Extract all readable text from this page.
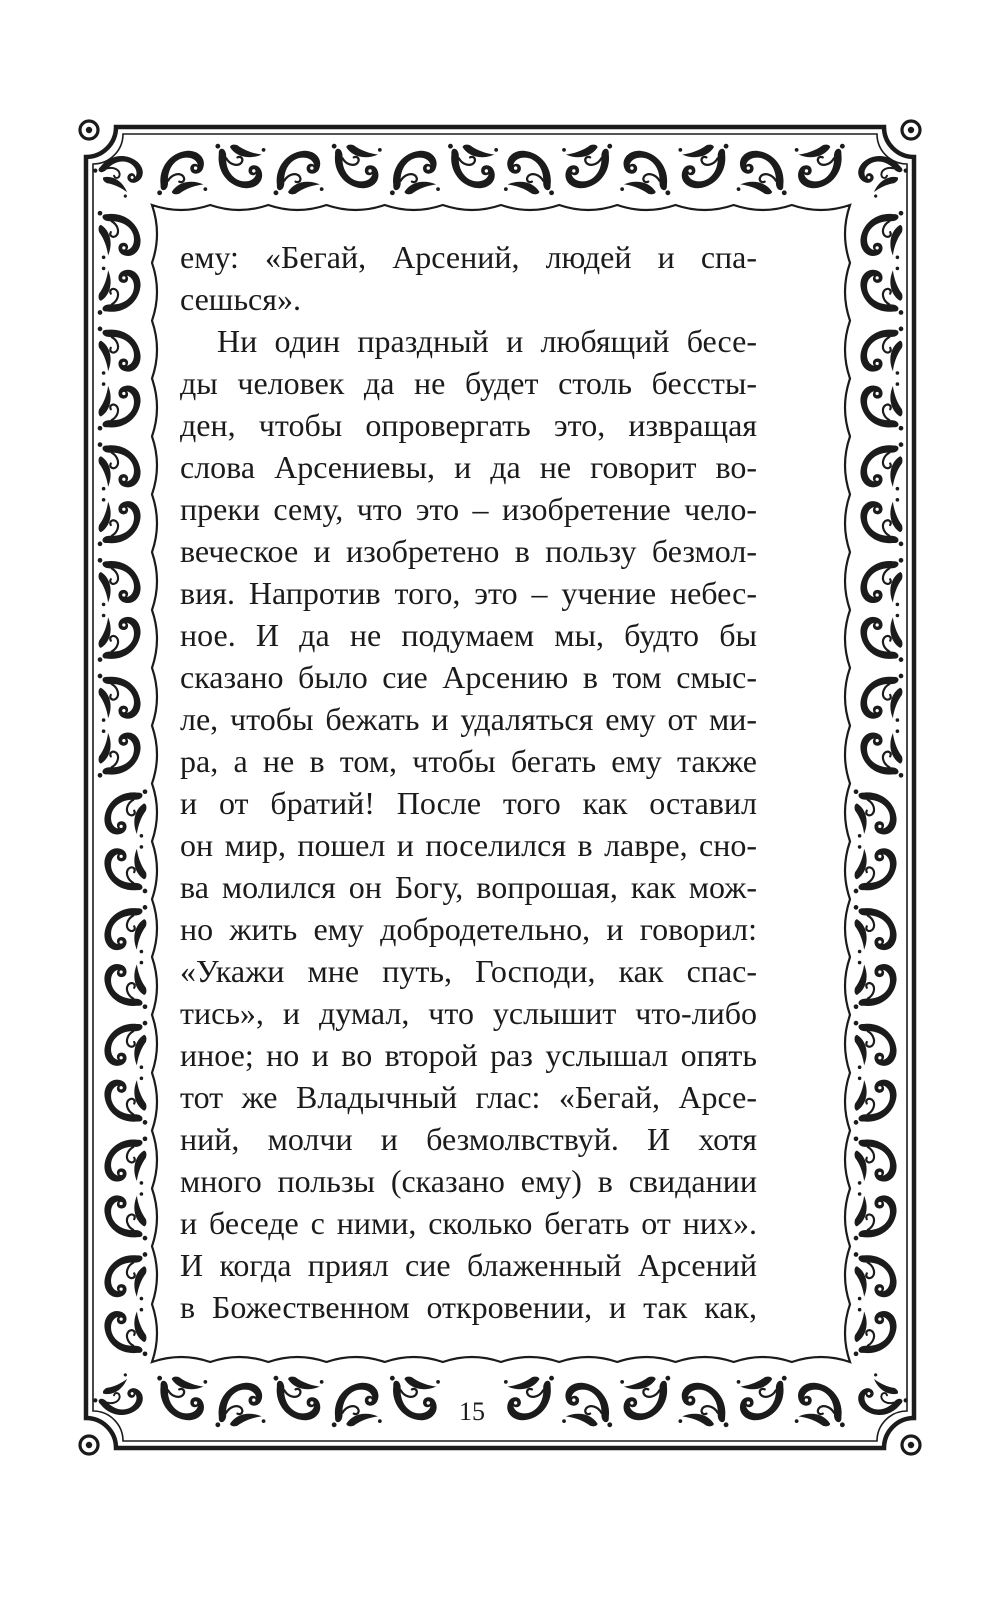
ему: «Бегай, Арсений, людей и спа-
сешься».
Ни один праздный и любящий бесе-
ды человек да не будет столь бессты-
ден, чтобы опровергать это, извращая
слова Арсениевы, и да не говорит во-
преки сему, что это – изобретение чело-
веческое и изобретено в пользу безмол-
вия. Напротив того, это – учение небес-
ное. И да не подумаем мы, будто бы
сказано было сие Арсению в том смыс-
ле, чтобы бежать и удаляться ему от ми-
ра, а не в том, чтобы бегать ему также
и от братий! После того как оставил
он мир, пошел и поселился в лавре, сно-
ва молился он Богу, вопрошая, как мож-
но жить ему добродетельно, и говорил:
«Укажи мне путь, Господи, как спас-
тись», и думал, что услышит что-либо
иное; но и во второй раз услышал опять
тот же Владычный глас: «Бегай, Арсе-
ний, молчи и безмолвствуй. И хотя
много пользы (сказано ему) в свидании
и беседе с ними, сколько бегать от них».
И когда приял сие блаженный Арсений
в Божественном откровении, и так как,
15
